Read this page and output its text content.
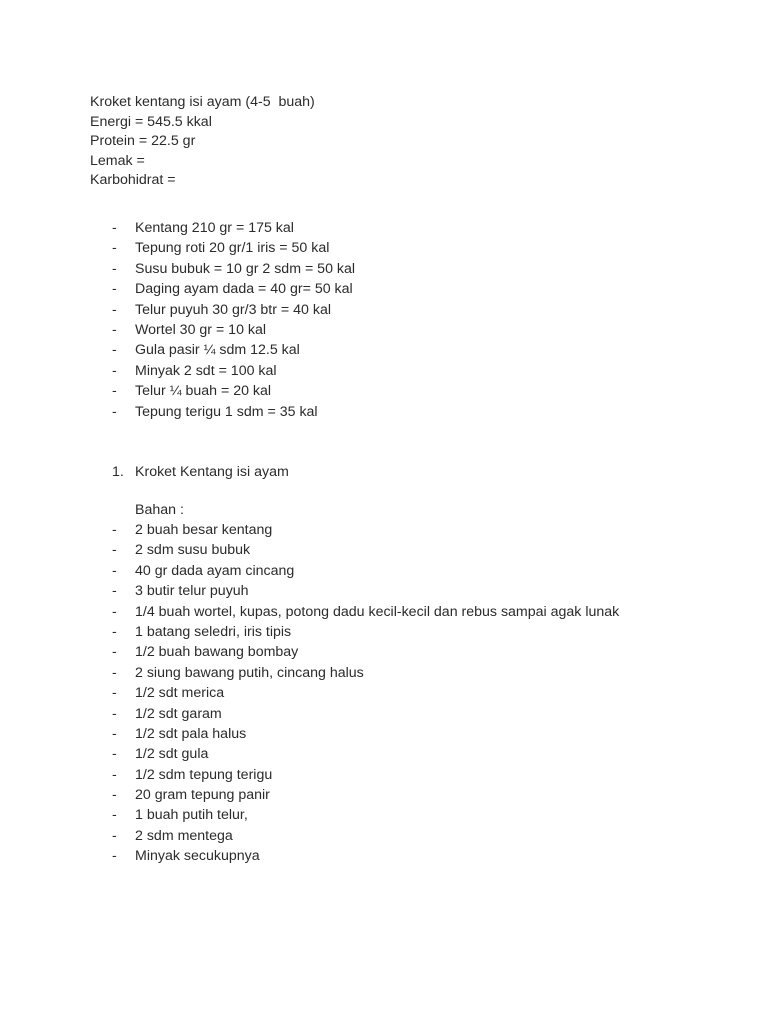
Kroket kentang isi ayam (4-5  buah)
Energi = 545.5 kkal
Protein = 22.5 gr
Lemak =
Karbohidrat =
- Kentang 210 gr = 175 kal
- Tepung roti 20 gr/1 iris = 50 kal
- Susu bubuk = 10 gr 2 sdm = 50 kal
- Daging ayam dada = 40 gr= 50 kal
- Telur puyuh 30 gr/3 btr = 40 kal
- Wortel 30 gr = 10 kal
- Gula pasir ¼ sdm 12.5 kal
- Minyak 2 sdt = 100 kal
- Telur ¼ buah = 20 kal
- Tepung terigu 1 sdm = 35 kal
1. Kroket Kentang isi ayam
Bahan :
- 2 buah besar kentang
- 2 sdm susu bubuk
- 40 gr dada ayam cincang
- 3 butir telur puyuh
- 1/4 buah wortel, kupas, potong dadu kecil-kecil dan rebus sampai agak lunak
- 1 batang seledri, iris tipis
- 1/2 buah bawang bombay
- 2 siung bawang putih, cincang halus
- 1/2 sdt merica
- 1/2 sdt garam
- 1/2 sdt pala halus
- 1/2 sdt gula
- 1/2 sdm tepung terigu
- 20 gram tepung panir
- 1 buah putih telur,
- 2 sdm mentega
- Minyak secukupnya
